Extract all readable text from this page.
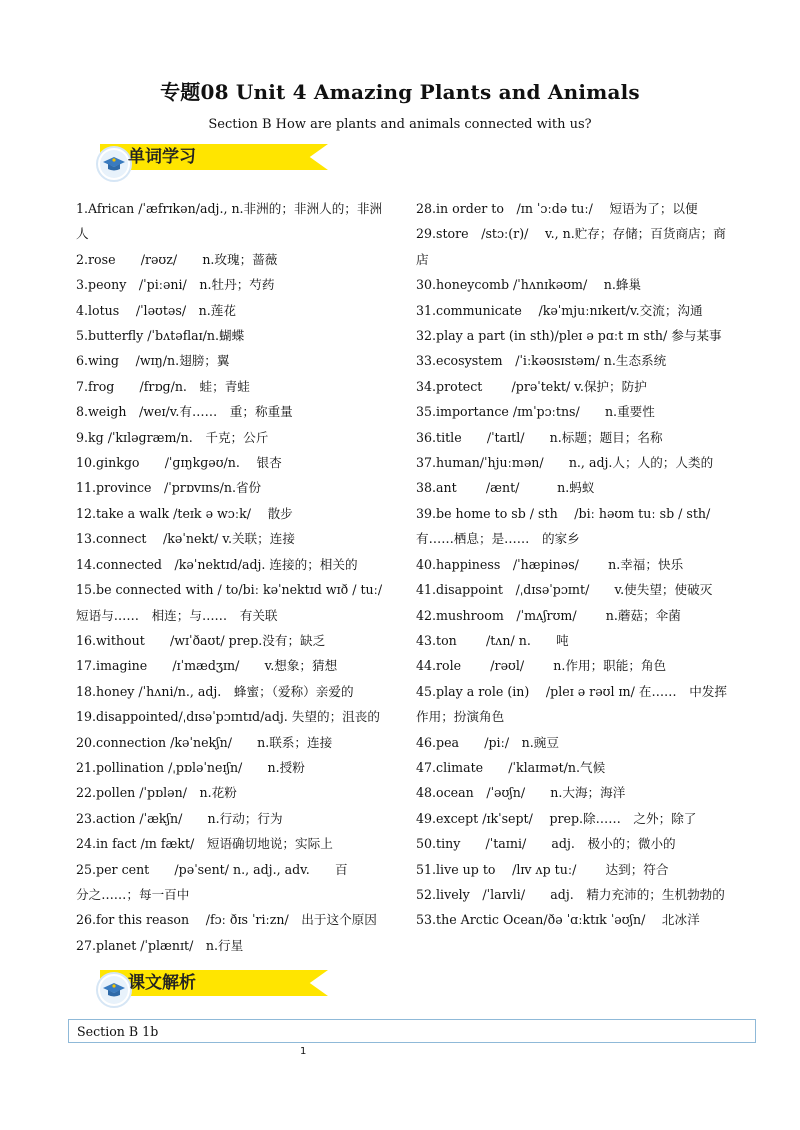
专题08 Unit 4 Amazing Plants and Animals
Section B How are plants and animals connected with us?
单词学习

1.African /ˈæfrɪkən/adj., n.非洲的；非洲人的；非洲人

2.rose　　/rəʊz/　　n.玫瑰；蔷薇

3.peony　/ˈpiːəni/　n.牡丹；芍药

4.lotus　 /ˈləʊtəs/　n.莲花

5.butterfly /ˈbʌtəflaɪ/n.蝴蝶

6.wing　 /wɪŋ/n.翅膀；翼

7.frog　　/frɒɡ/n.　蛙；青蛙

8.weigh　/weɪ/v.有……　重；称重量

9.kg /ˈkɪləɡræm/n.　千克；公斤

10.ginkgo　　/ˈɡɪŋkɡəʊ/n.　 银杏

11.province　/ˈprɒvɪns/n.省份

12.take a walk /teɪk ə wɔːk/　 散步

13.connect　 /kəˈnekt/ v.关联；连接

14.connected　/kəˈnektɪd/adj. 连接的；相关的

15.be connected with / to/biː kəˈnektɪd wɪð / tuː/　短语与……　相连；与……　有关联

16.without　　/wɪˈðaʊt/ prep.没有；缺乏

17.imagine　　/ɪˈmædʒɪn/　　v.想象；猜想

18.honey /ˈhʌni/n., adj.　蜂蜜；（爱称）亲爱的

19.disappointed/ˌdɪsəˈpɔɪntɪd/adj. 失望的；沮丧的

20.connection /kəˈnekʃn/　　n.联系；连接

21.pollination /ˌpɒləˈneɪʃn/　　n.授粉

22.pollen /ˈpɒlən/　n.花粉

23.action /ˈækʃn/　　n.行动；行为

24.in fact /ɪn fækt/　短语确切地说；实际上

25.per cent　　/pəˈsent/ n., adj., adv.　　百　　　　分之……；每一百中

26.for this reason　 /fɔː ðɪs ˈriːzn/　出于这个原因

27.planet /ˈplænɪt/　n.行星

28.in order to　/ɪn ˈɔːdə tuː/　 短语为了；以便

29.store　/stɔː(r)/　 v., n.贮存；存储；百货商店；商店

30.honeycomb /ˈhʌnɪkəʊm/　 n.蜂巢

31.communicate　 /kəˈmjuːnɪkeɪt/v.交流；沟通

32.play a part (in sth)/pleɪ ə pɑːt ɪn sth/ 参与某事

33.ecosystem　/ˈiːkəʊsɪstəm/ n.生态系统

34.protect　　 /prəˈtekt/ v.保护；防护

35.importance /ɪmˈpɔːtns/　　n.重要性

36.title　　/ˈtaɪtl/　　n.标题；题目；名称

37.human/ˈhjuːmən/　　n., adj.人；人的；人类的

38.ant　　 /ænt/　　　n.蚂蚁

39.be home to sb / sth　 /biː həʊm tuː sb / sth/有……栖息；是……　的家乡

40.happiness　/ˈhæpinəs/　　 n.幸福；快乐

41.disappoint　/ˌdɪsəˈpɔɪnt/　　v.使失望；使破灭

42.mushroom　/ˈmʌʃrʊm/　　 n.蘑菇；伞菌

43.ton　　 /tʌn/ n.　　吨

44.role　　 /rəʊl/　　 n.作用；职能；角色

45.play a role (in)　 /pleɪ ə rəʊl ɪn/ 在……　中发挥作用；扮演角色

46.pea　　/piː/　n.豌豆

47.climate　　/ˈklaɪmət/n.气候

48.ocean　/ˈəʊʃn/　　n.大海；海洋

49.except /ɪkˈsept/　 prep.除……　之外；除了

50.tiny　　/ˈtaɪni/　　adj.　极小的；微小的

51.live up to　 /lɪv ʌp tuː/　　 达到；符合

52.lively　/ˈlaɪvli/　　adj.　精力充沛的；生机勃勃的

53.the Arctic Ocean/ðə ˈɑːktɪk ˈəʊʃn/　 北冰洋

课文解析
Section B 1b
1
